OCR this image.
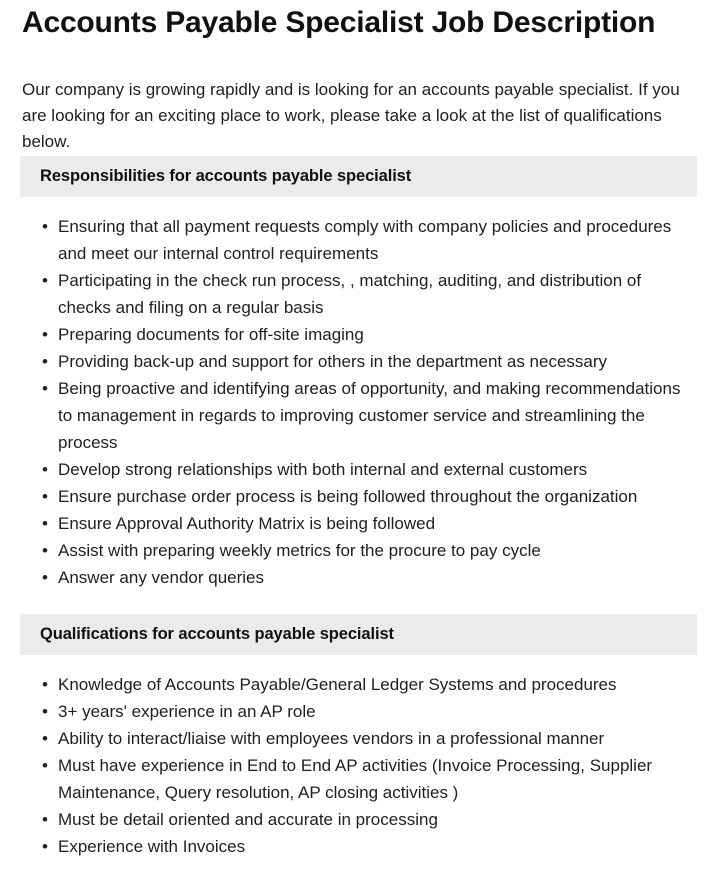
Accounts Payable Specialist Job Description

Our company is growing rapidly and is looking for an accounts payable specialist. If you are looking for an exciting place to work, please take a look at the list of qualifications below.

Responsibilities for accounts payable specialist
• Ensuring that all payment requests comply with company policies and procedures and meet our internal control requirements
• Participating in the check run process, , matching, auditing, and distribution of checks and filing on a regular basis
• Preparing documents for off-site imaging
• Providing back-up and support for others in the department as necessary
• Being proactive and identifying areas of opportunity, and making recommendations to management in regards to improving customer service and streamlining the process
• Develop strong relationships with both internal and external customers
• Ensure purchase order process is being followed throughout the organization
• Ensure Approval Authority Matrix is being followed
• Assist with preparing weekly metrics for the procure to pay cycle
• Answer any vendor queries
Qualifications for accounts payable specialist
• Knowledge of Accounts Payable/General Ledger Systems and procedures
• 3+ years' experience in an AP role
• Ability to interact/liaise with employees vendors in a professional manner
• Must have experience in End to End AP activities (Invoice Processing, Supplier Maintenance, Query resolution, AP closing activities )
• Must be detail oriented and accurate in processing
• Experience with Invoices
